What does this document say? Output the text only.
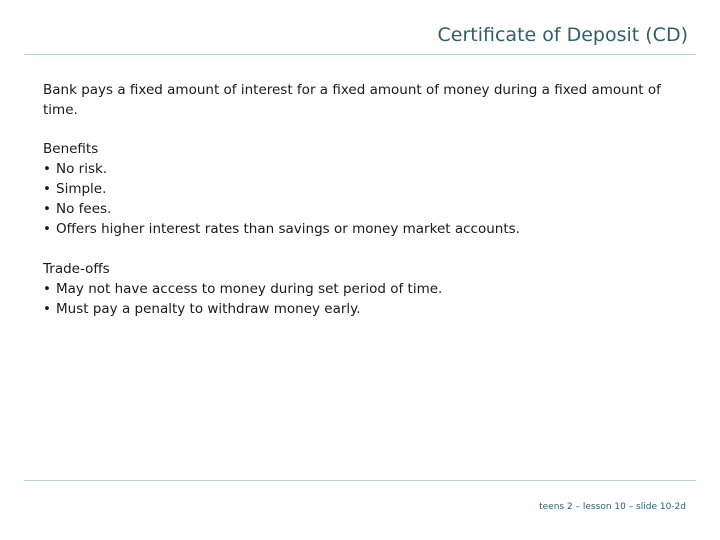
Certificate of Deposit (CD)

Bank pays a fixed amount of interest for a fixed amount of money during a fixed amount of time.

Benefits

• No risk.
• Simple.
• No fees.
• Offers higher interest rates than savings or money market accounts.

Trade-offs

• May not have access to money during set period of time.
• Must pay a penalty to withdraw money early.
teens 2 – lesson 10 – slide 10-2d
